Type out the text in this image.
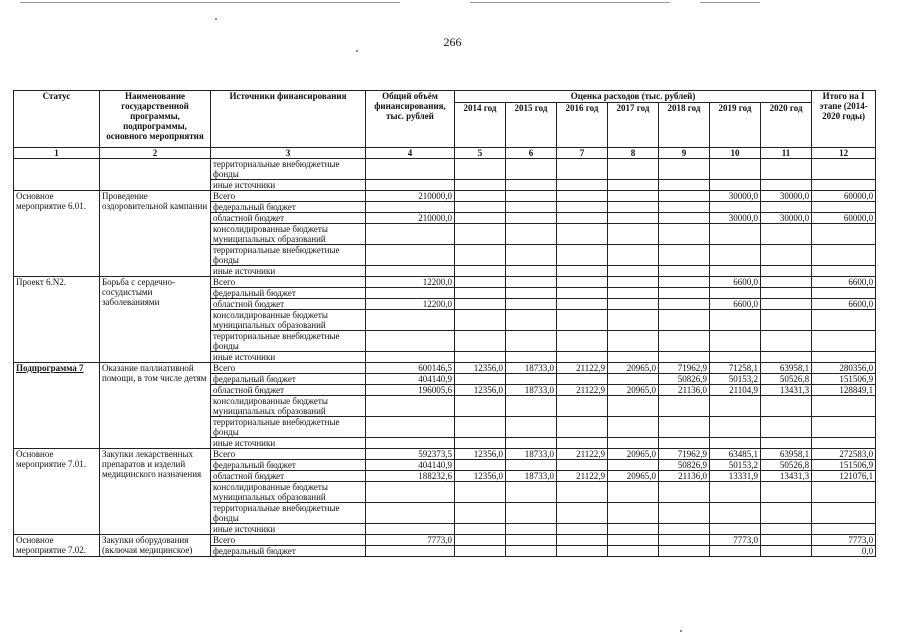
266
Статус	Наименование государственной программы, подпрограммы, основного мероприятия	Источники финансирования	Общий объём финансирования, тыс. рублей	Оценка расходов (тыс. рублей)							Итого на I этапе (2014-2020 годы)
				2014 год	2015 год	2016 год	2017 год	2018 год	2019 год	2020 год	
1	2	3	4	5	6	7	8	9	10	11	12
		территориальные внебюджетные фонды									
		иные источники									
Основное мероприятие 6.01.	Проведение оздоровительной кампании	Всего	210000,0						30000,0	30000,0	60000,0
		федеральный бюджет									
		областной бюджет	210000,0						30000,0	30000,0	60000,0
		консолидированные бюджеты муниципальных образований									
		территориальные внебюджетные фонды									
		иные источники									
Проект 6.N2.	Борьба с сердечно-сосудистыми заболеваниями	Всего	12200,0						6600,0		6600,0
		федеральный бюджет									
		областной бюджет	12200,0						6600,0		6600,0
		консолидированные бюджеты муниципальных образований									
		территориальные внебюджетные фонды									
		иные источники									
Подпрограмма 7	Оказание паллиативной помощи, в том числе детям	Всего	600146,5	12356,0	18733,0	21122,9	20965,0	71962,9	71258,1	63958,1	280356,0
		федеральный бюджет	404140,9					50826,9	50153,2	50526,8	151506,9
		областной бюджет	196005,6	12356,0	18733,0	21122,9	20965,0	21136,0	21104,9	13431,3	128849,1
		консолидированные бюджеты муниципальных образований									
		территориальные внебюджетные фонды									
		иные источники									
Основное мероприятие 7.01.	Закупки лекарственных препаратов и изделий медицинского назначения	Всего	592373,5	12356,0	18733,0	21122,9	20965,0	71962,9	63485,1	63958,1	272583,0
		федеральный бюджет	404140,9					50826,9	50153,2	50526,8	151506,9
		областной бюджет	188232,6	12356,0	18733,0	21122,9	20965,0	21136,0	13331,9	13431,3	121076,1
		консолидированные бюджеты муниципальных образований									
		территориальные внебюджетные фонды									
		иные источники									
Основное мероприятие 7.02.	Закупки оборудования (включая медицинское)	Всего	7773,0						7773,0		7773,0
		федеральный бюджет									0,0
